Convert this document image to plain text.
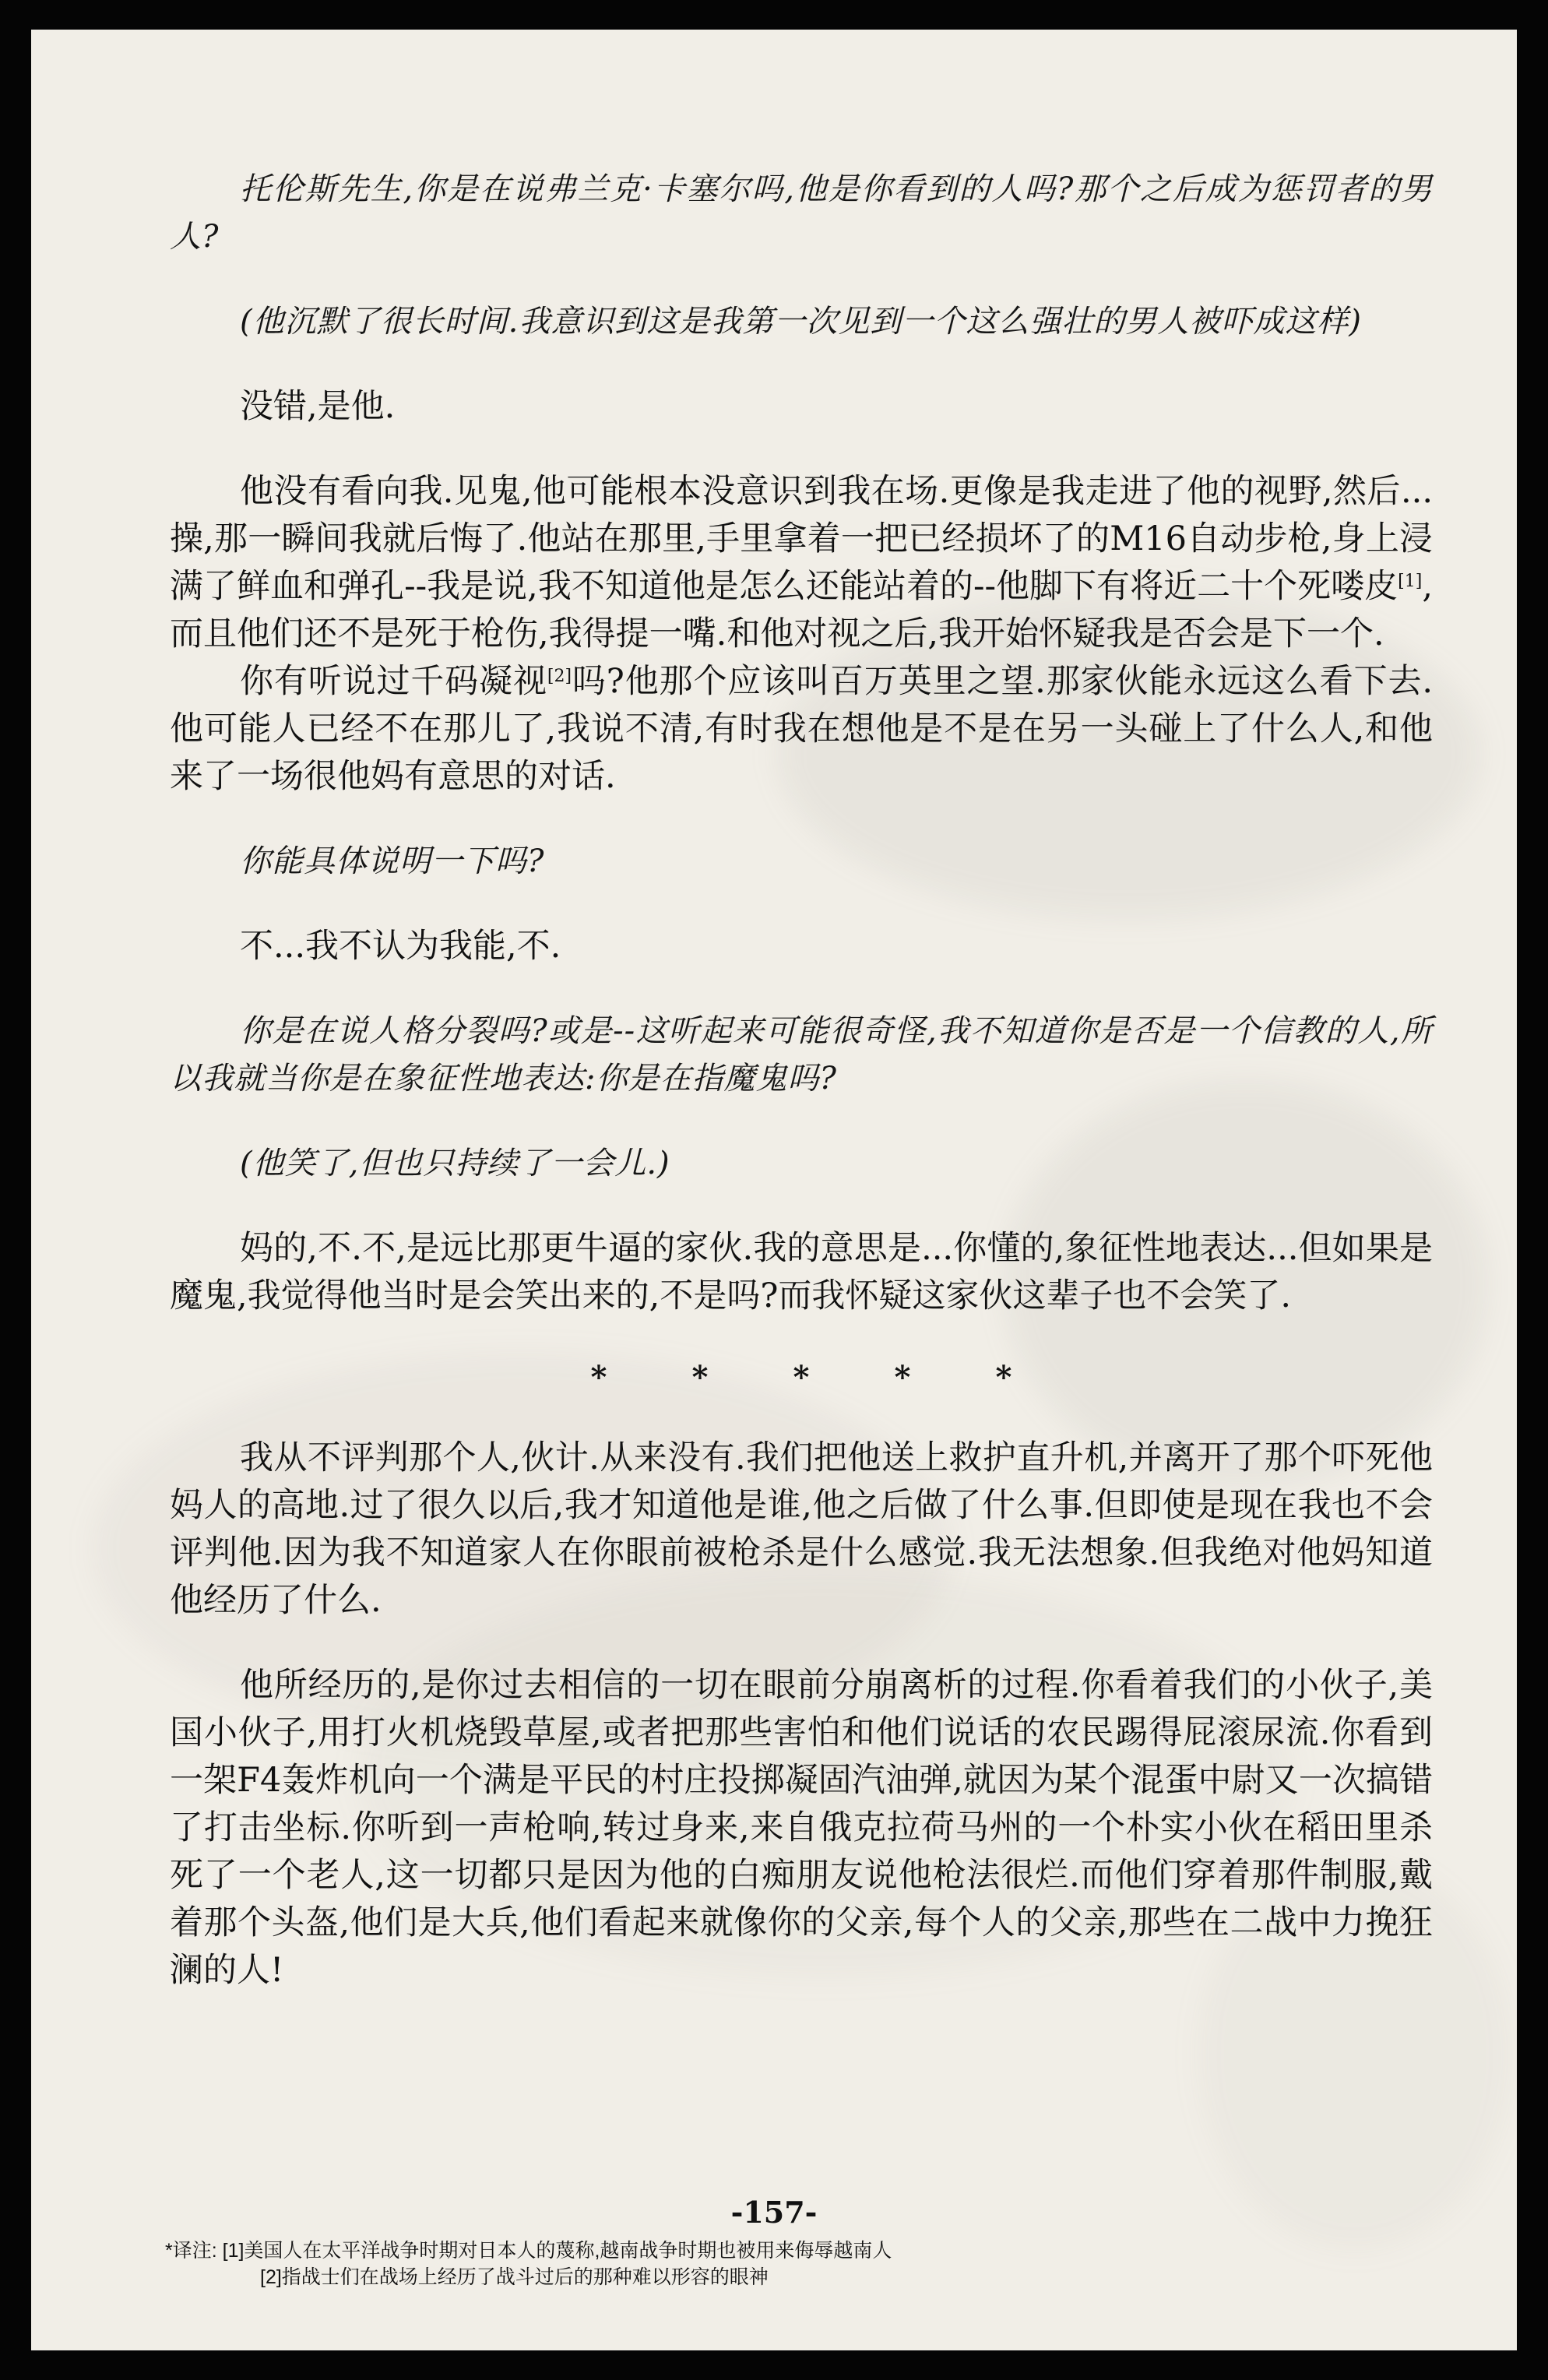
托伦斯先生,你是在说弗兰克·卡塞尔吗,他是你看到的人吗?那个之后成为惩罚者的男人?

(他沉默了很长时间.我意识到这是我第一次见到一个这么强壮的男人被吓成这样)

没错,是他.

他没有看向我.见鬼,他可能根本没意识到我在场.更像是我走进了他的视野,然后...操,那一瞬间我就后悔了.他站在那里,手里拿着一把已经损坏了的M16自动步枪,身上浸满了鲜血和弹孔--我是说,我不知道他是怎么还能站着的--他脚下有将近二十个死喽皮[1],而且他们还不是死于枪伤,我得提一嘴.和他对视之后,我开始怀疑我是否会是下一个.

你有听说过千码凝视[2]吗?他那个应该叫百万英里之望.那家伙能永远这么看下去.他可能人已经不在那儿了,我说不清,有时我在想他是不是在另一头碰上了什么人,和他来了一场很他妈有意思的对话.

你能具体说明一下吗?

不...我不认为我能,不.

你是在说人格分裂吗?或是--这听起来可能很奇怪,我不知道你是否是一个信教的人,所以我就当你是在象征性地表达:你是在指魔鬼吗?

(他笑了,但也只持续了一会儿.)

妈的,不.不,是远比那更牛逼的家伙.我的意思是...你懂的,象征性地表达...但如果是魔鬼,我觉得他当时是会笑出来的,不是吗?而我怀疑这家伙这辈子也不会笑了.

*	*	*	*	*

我从不评判那个人,伙计.从来没有.我们把他送上救护直升机,并离开了那个吓死他妈人的高地.过了很久以后,我才知道他是谁,他之后做了什么事.但即使是现在我也不会评判他.因为我不知道家人在你眼前被枪杀是什么感觉.我无法想象.但我绝对他妈知道他经历了什么.

他所经历的,是你过去相信的一切在眼前分崩离析的过程.你看着我们的小伙子,美国小伙子,用打火机烧毁草屋,或者把那些害怕和他们说话的农民踢得屁滚尿流.你看到一架F4轰炸机向一个满是平民的村庄投掷凝固汽油弹,就因为某个混蛋中尉又一次搞错了打击坐标.你听到一声枪响,转过身来,来自俄克拉荷马州的一个朴实小伙在稻田里杀死了一个老人,这一切都只是因为他的白痴朋友说他枪法很烂.而他们穿着那件制服,戴着那个头盔,他们是大兵,他们看起来就像你的父亲,每个人的父亲,那些在二战中力挽狂澜的人!

-157-
*译注: [1]美国人在太平洋战争时期对日本人的蔑称,越南战争时期也被用来侮辱越南人
[2]指战士们在战场上经历了战斗过后的那种难以形容的眼神
